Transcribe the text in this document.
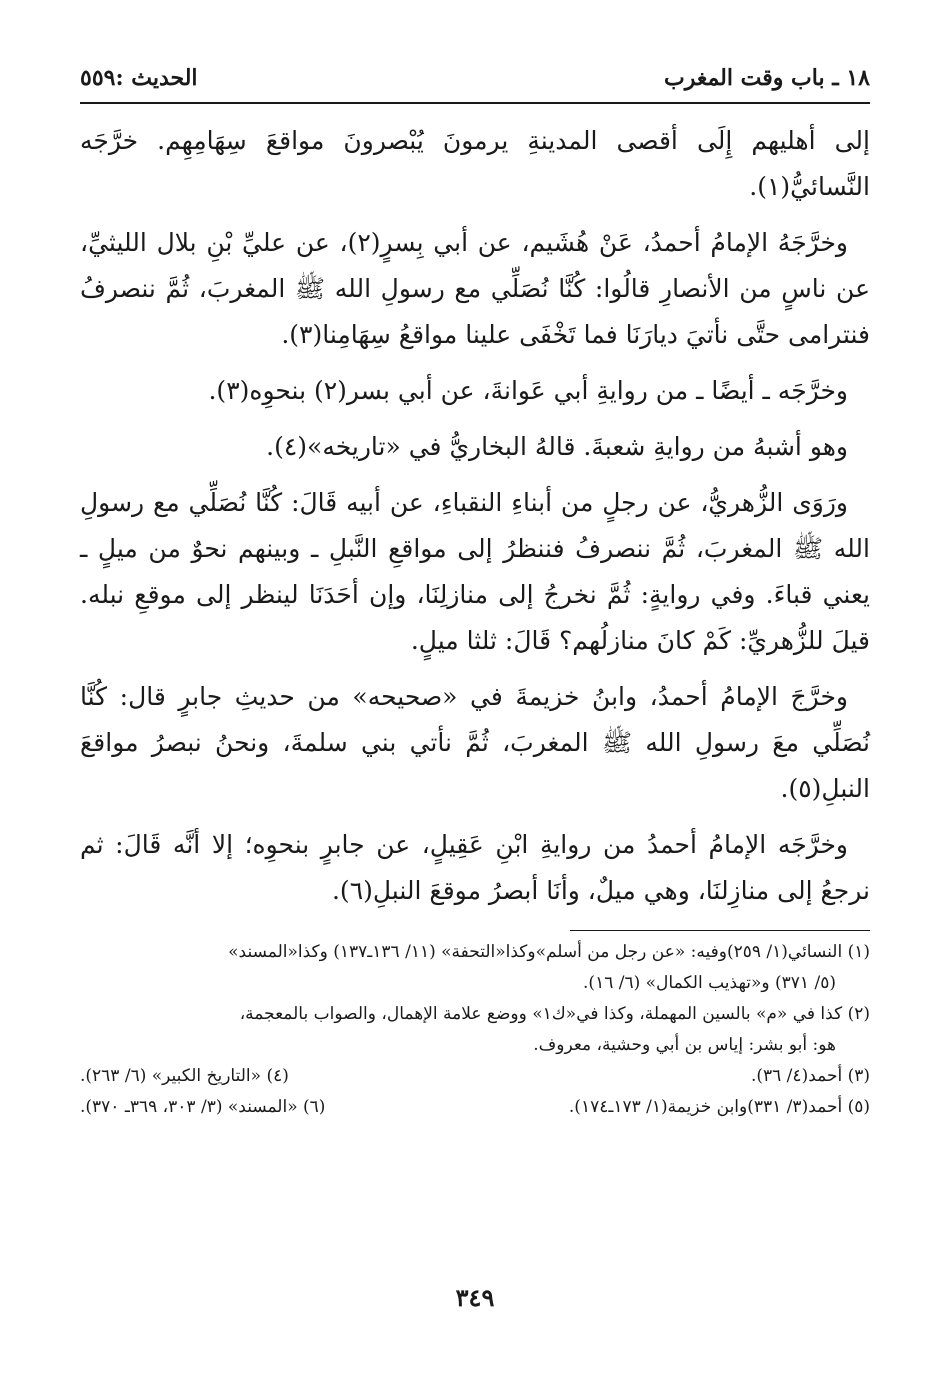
١٨ ـ باب وقت المغرب
الحديث :٥٥٩

إلى أهليهم إِلَى أقصى المدينةِ يرمونَ يُبْصرونَ مواقعَ سِهَامِهِم. خرَّجَه النَّسائيُّ(١).

وخرَّجَهُ الإمامُ أحمدُ، عَنْ هُشَيم، عن أبي بِسرٍ(٢)، عن عليِّ بْنِ بلال الليثيِّ، عن ناسٍ من الأنصارِ قالُوا: كُنَّا نُصَلِّي مع رسولِ الله ﷺ المغربَ، ثُمَّ ننصرفُ فنترامى حتَّى نأتيَ ديارَنَا فما تَخْفَى علينا مواقعُ سِهَامِنا(٣).

وخرَّجَه ـ أيضًا ـ من روايةِ أبي عَوانةَ، عن أبي بسر(٢) بنحوِه(٣).

وهو أشبهُ من روايةِ شعبةَ. قالهُ البخاريُّ في «تاريخه»(٤).

ورَوَى الزُّهريُّ، عن رجلٍ من أبناءِ النقباءِ، عن أبيه قَالَ: كُنَّا نُصَلِّي مع رسولِ الله ﷺ المغربَ، ثُمَّ ننصرفُ فننظرُ إلى مواقعِ النَّبلِ ـ وبينهم نحوٌ من ميلٍ ـ يعني قباءَ. وفي روايةٍ: ثُمَّ نخرجُ إلى منازلِنَا، وإن أحَدَنَا لينظر إلى موقعِ نبله. قيلَ للزُّهريِّ: كَمْ كانَ منازلُهم؟ قَالَ: ثلثا ميلٍ.

وخرَّجَ الإمامُ أحمدُ، وابنُ خزيمةَ في «صحيحه» من حديثِ جابرٍ قال: كُنَّا نُصَلِّي معَ رسولِ الله ﷺ المغربَ، ثُمَّ نأتي بني سلمةَ، ونحنُ نبصرُ مواقعَ النبلِ(٥).

وخرَّجَه الإمامُ أحمدُ من روايةِ ابْنِ عَقِيلٍ، عن جابرٍ بنحوِه؛ إلا أنَّه قَالَ: ثم نرجعُ إلى منازِلنَا، وهي ميلٌ، وأنَا أبصرُ موقعَ النبلِ(٦).

(١) النسائي(١/ ٢٥٩)وفيه: «عن رجل من أسلم»وكذا«التحفة» (١١/ ١٣٦ـ١٣٧) وكذا«المسند»
(٥/ ٣٧١) و«تهذيب الكمال» (٦/ ١٦).
(٢) كذا في «م» بالسين المهملة، وكذا في«ك١» ووضع علامة الإهمال، والصواب بالمعجمة،
هو: أبو بشر: إياس بن أبي وحشية، معروف.
(٣) أحمد(٤/ ٣٦).
(٤) «التاريخ الكبير» (٦/ ٢٦٣).
(٥) أحمد(٣/ ٣٣١)وابن خزيمة(١/ ١٧٣ـ١٧٤).
(٦) «المسند» (٣/ ٣٠٣، ٣٦٩ـ ٣٧٠).
٣٤٩
